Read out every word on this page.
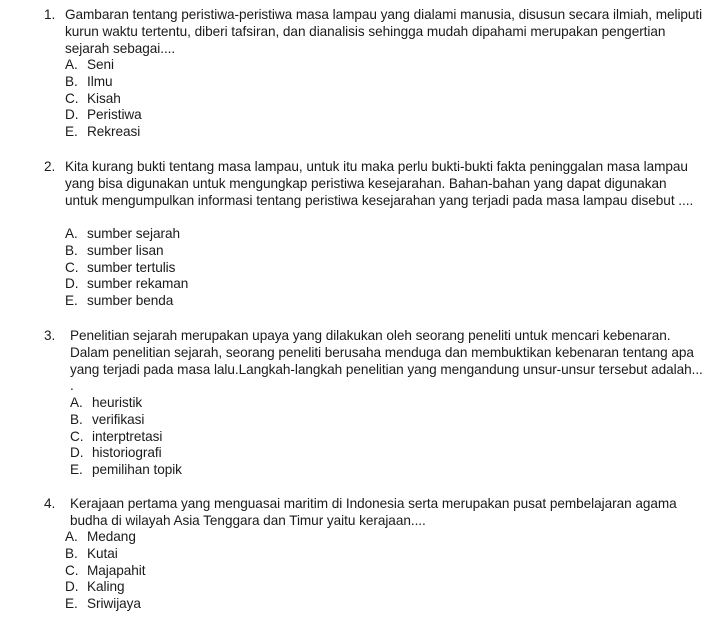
1. Gambaran tentang peristiwa-peristiwa masa lampau yang dialami manusia, disusun secara ilmiah, meliputi kurun waktu tertentu, diberi tafsiran, dan dianalisis sehingga mudah dipahami merupakan pengertian sejarah sebagai....

A. Seni
B. Ilmu
C. Kisah
D. Peristiwa
E. Rekreasi
2. Kita kurang bukti tentang masa lampau, untuk itu maka perlu bukti-bukti fakta peninggalan masa lampau yang bisa digunakan untuk mengungkap peristiwa kesejarahan. Bahan-bahan yang dapat digunakan untuk mengumpulkan informasi tentang peristiwa kesejarahan yang terjadi pada masa lampau disebut ....

A. sumber sejarah
B. sumber lisan
C. sumber tertulis
D. sumber rekaman
E. sumber benda
3. Penelitian sejarah merupakan upaya yang dilakukan oleh seorang peneliti untuk mencari kebenaran. Dalam penelitian sejarah, seorang peneliti berusaha menduga dan membuktikan kebenaran tentang apa yang terjadi pada masa lalu.Langkah-langkah penelitian yang mengandung unsur-unsur tersebut adalah... .

A. heuristik
B. verifikasi
C. interptretasi
D. historiografi
E. pemilihan topik
4. Kerajaan pertama yang menguasai maritim di Indonesia serta merupakan pusat pembelajaran agama budha di wilayah Asia Tenggara dan Timur yaitu kerajaan....

A. Medang
B. Kutai
C. Majapahit
D. Kaling
E. Sriwijaya
